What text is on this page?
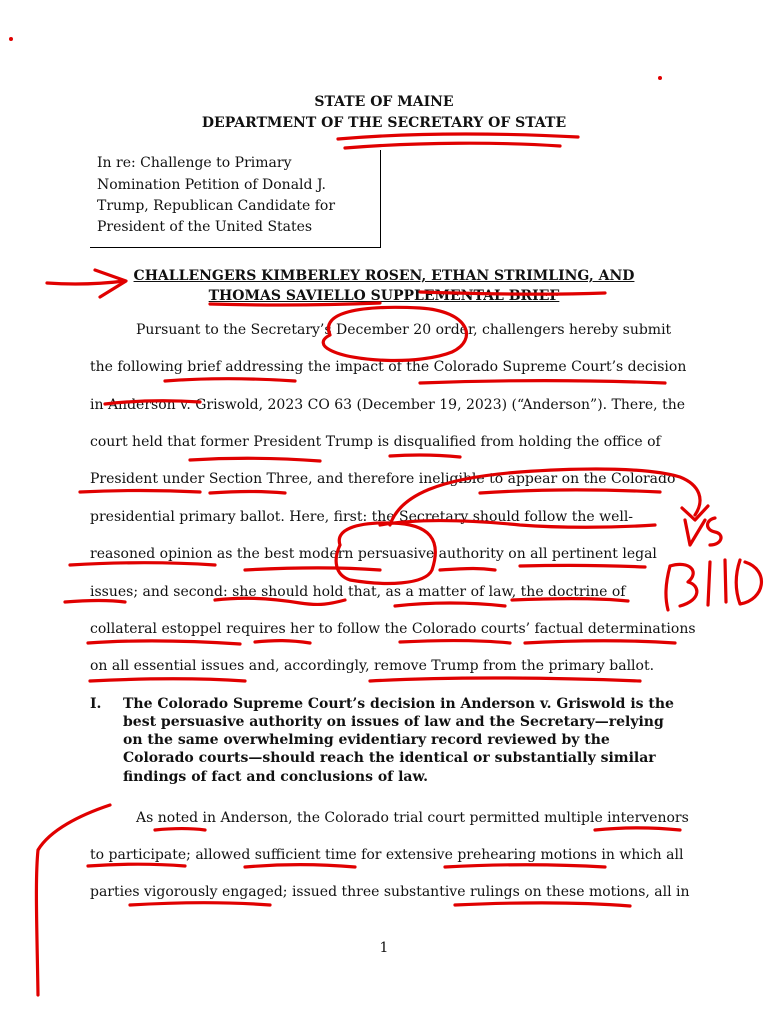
STATE OF MAINE
DEPARTMENT OF THE SECRETARY OF STATE
In re: Challenge to Primary
Nomination Petition of Donald J.
Trump, Republican Candidate for
President of the United States
CHALLENGERS KIMBERLEY ROSEN, ETHAN STRIMLING, AND
THOMAS SAVIELLO SUPPLEMENTAL BRIEF
Pursuant to the Secretary’s December 20 order, challengers hereby submit
the following brief addressing the impact of the Colorado Supreme Court’s decision
in Anderson v. Griswold, 2023 CO 63 (December 19, 2023) (“Anderson”). There, the
court held that former President Trump is disqualified from holding the office of
President under Section Three, and therefore ineligible to appear on the Colorado
presidential primary ballot. Here, first: the Secretary should follow the well-
reasoned opinion as the best modern persuasive authority on all pertinent legal
issues; and second: she should hold that, as a matter of law, the doctrine of
collateral estoppel requires her to follow the Colorado courts’ factual determinations
on all essential issues and, accordingly, remove Trump from the primary ballot.
I. The Colorado Supreme Court’s decision in Anderson v. Griswold is the
best persuasive authority on issues of law and the Secretary—relying
on the same overwhelming evidentiary record reviewed by the
Colorado courts—should reach the identical or substantially similar
findings of fact and conclusions of law.
As noted in Anderson, the Colorado trial court permitted multiple intervenors
to participate; allowed sufficient time for extensive prehearing motions in which all
parties vigorously engaged; issued three substantive rulings on these motions, all in
1
